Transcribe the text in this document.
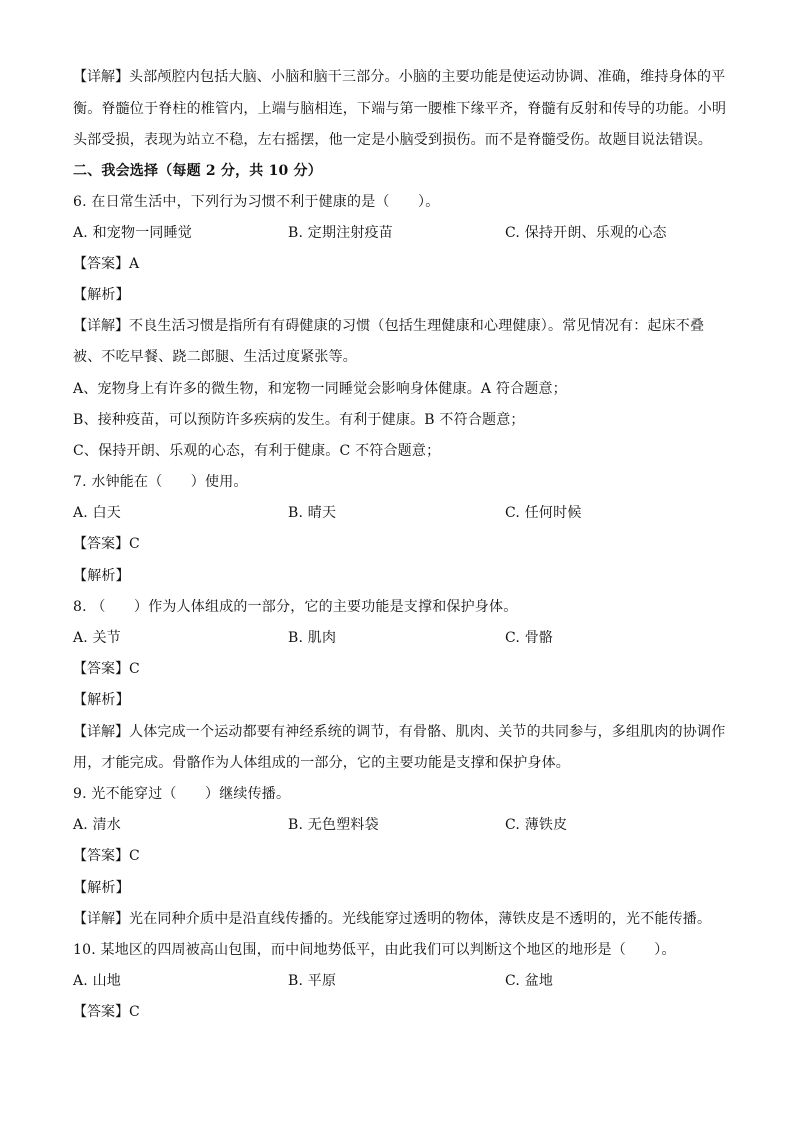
【详解】头部颅腔内包括大脑、小脑和脑干三部分。小脑的主要功能是使运动协调、准确，维持身体的平
衡。脊髓位于脊柱的椎管内，上端与脑相连，下端与第一腰椎下缘平齐，脊髓有反射和传导的功能。小明
头部受损，表现为站立不稳，左右摇摆，他一定是小脑受到损伤。而不是脊髓受伤。故题目说法错误。
二、我会选择（每题 2 分，共 10 分）
6. 在日常生活中，下列行为习惯不利于健康的是（　　）。
A. 和宠物一同睡觉	B. 定期注射疫苗	C. 保持开朗、乐观的心态
【答案】A
【解析】
【详解】不良生活习惯是指所有有碍健康的习惯（包括生理健康和心理健康）。常见情况有：起床不叠
被、不吃早餐、跷二郎腿、生活过度紧张等。
A、宠物身上有许多的微生物，和宠物一同睡觉会影响身体健康。A 符合题意；
B、接种疫苗，可以预防许多疾病的发生。有利于健康。B 不符合题意；
C、保持开朗、乐观的心态，有利于健康。C 不符合题意；
7. 水钟能在（　　）使用。
A. 白天	B. 晴天	C. 任何时候
【答案】C
【解析】
8. （　　）作为人体组成的一部分，它的主要功能是支撑和保护身体。
A. 关节	B. 肌肉	C. 骨骼
【答案】C
【解析】
【详解】人体完成一个运动都要有神经系统的调节，有骨骼、肌肉、关节的共同参与，多组肌肉的协调作
用，才能完成。骨骼作为人体组成的一部分，它的主要功能是支撑和保护身体。
9. 光不能穿过（　　）继续传播。
A. 清水	B. 无色塑料袋	C. 薄铁皮
【答案】C
【解析】
【详解】光在同种介质中是沿直线传播的。光线能穿过透明的物体，薄铁皮是不透明的，光不能传播。
10. 某地区的四周被高山包围，而中间地势低平，由此我们可以判断这个地区的地形是（　　）。
A. 山地	B. 平原	C. 盆地
【答案】C
